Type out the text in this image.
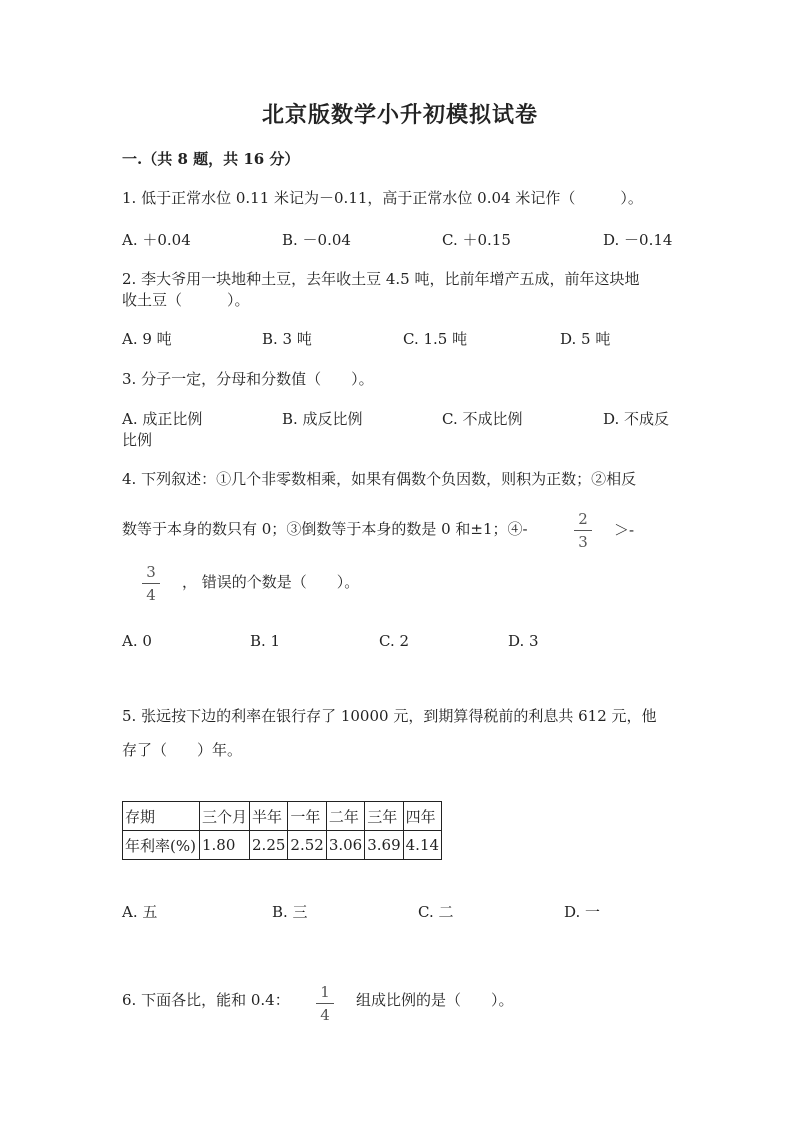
北京版数学小升初模拟试卷
一.（共 8 题，共 16 分）
1. 低于正常水位 0.11 米记为－0.11，高于正常水位 0.04 米记作（　　　）。
A. ＋0.04	B. －0.04	C. ＋0.15	D. －0.14
2. 李大爷用一块地种土豆，去年收土豆 4.5 吨，比前年增产五成，前年这块地
收土豆（　　　）。
A. 9 吨	B. 3 吨	C. 1.5 吨	D. 5 吨
3. 分子一定，分母和分数值（　　）。
A. 成正比例	B. 成反比例	C. 不成比例	D. 不成反
比例
4. 下列叙述：①几个非零数相乘，如果有偶数个负因数，则积为正数；②相反
数等于本身的数只有 0；③倒数等于本身的数是 0 和±1；④-	$\frac{2}{3}$ ＞-
$\frac{3}{4}$ ， 错误的个数是（　　）。
A. 0	B. 1	C. 2	D. 3
5. 张远按下边的利率在银行存了 10000 元，到期算得税前的利息共 612 元，他
存了（　　）年。
存期	三个月	半年	一年	二年	三年	四年
年利率(%)	1.80	2.25	2.52	3.06	3.69	4.14
A. 五	B. 三	C. 二	D. 一
6. 下面各比，能和 0.4： $\frac{1}{4}$ 组成比例的是（　　）。
